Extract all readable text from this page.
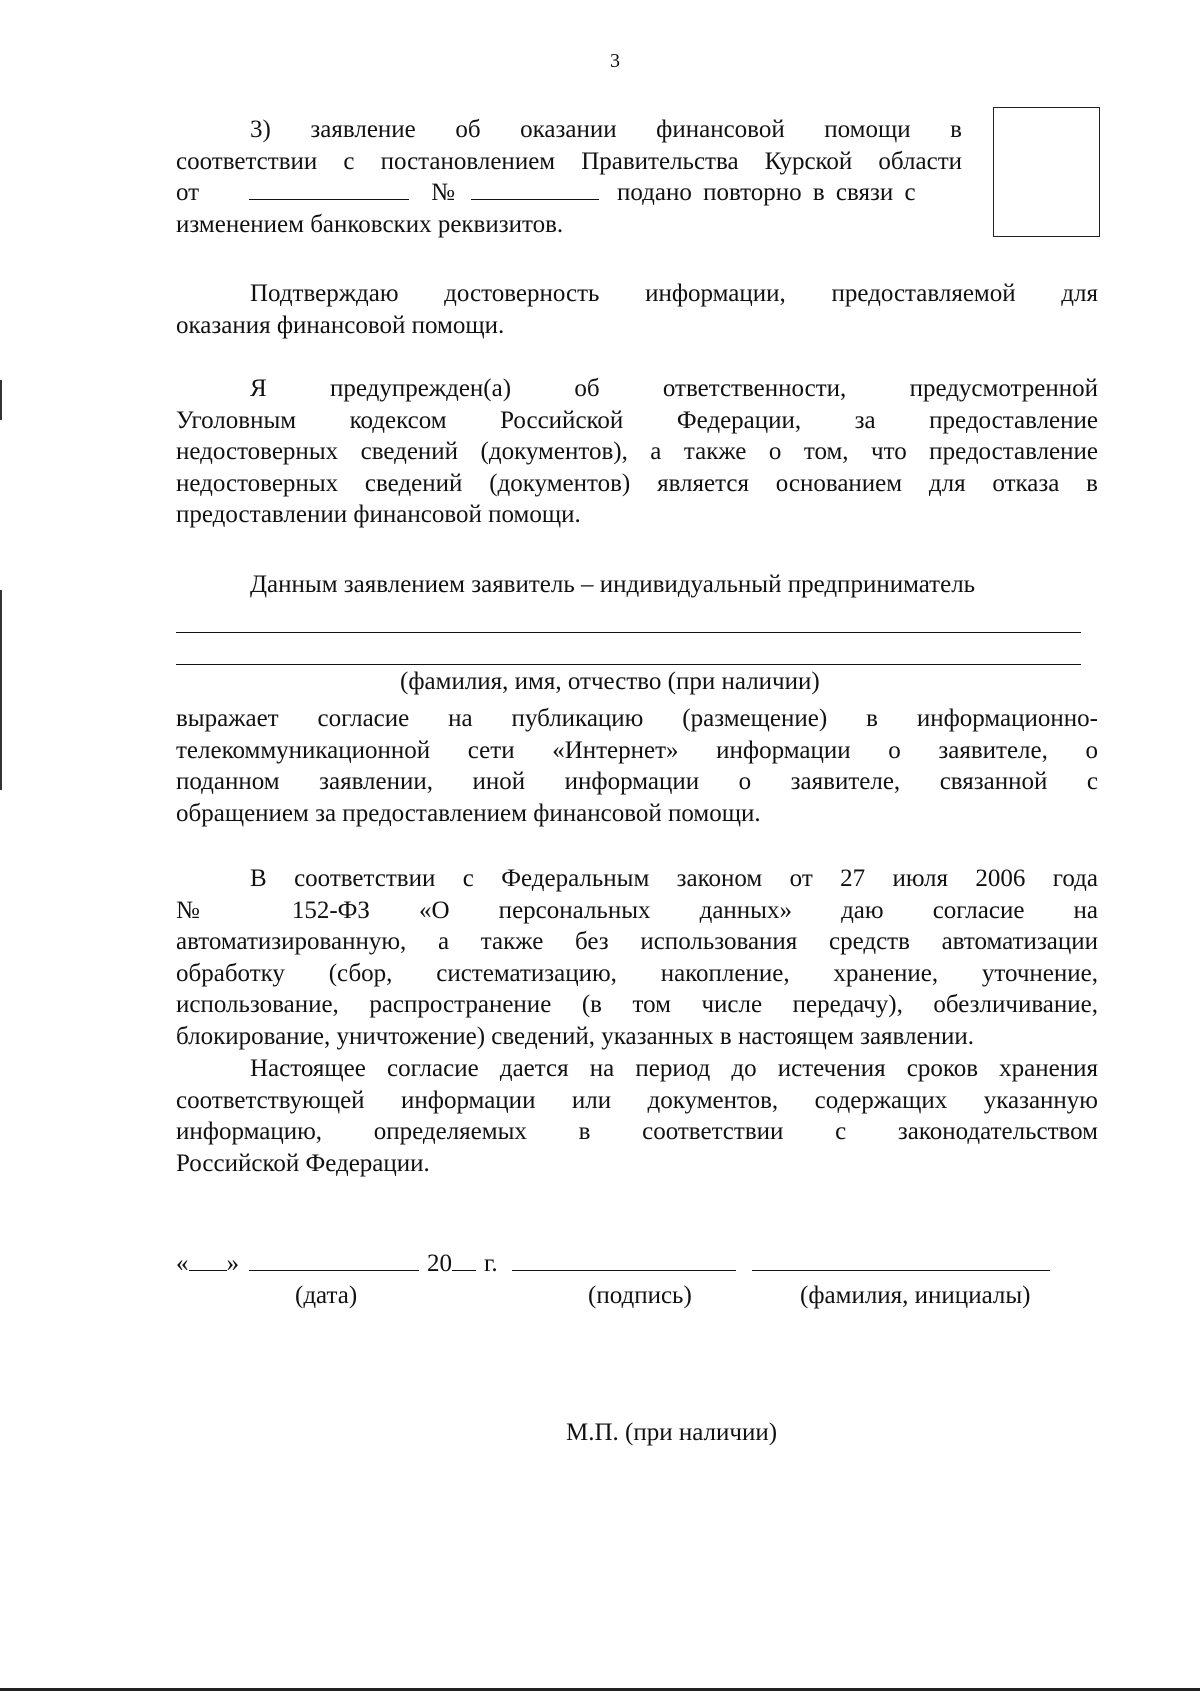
3
3) заявление об оказании финансовой помощи в
соответствии с постановлением Правительства Курской области
от	№	подано повторно в связи с
изменением банковских реквизитов.
Подтверждаю достоверность информации, предоставляемой для
оказания финансовой помощи.
Я предупрежден(а) об ответственности, предусмотренной
Уголовным кодексом Российской Федерации, за предоставление
недостоверных сведений (документов), а также о том, что предоставление
недостоверных сведений (документов) является основанием для отказа в
предоставлении финансовой помощи.
Данным заявлением заявитель – индивидуальный предприниматель
(фамилия, имя, отчество (при наличии)
выражает согласие на публикацию (размещение) в информационно-
телекоммуникационной сети «Интернет» информации о заявителе, о
поданном заявлении, иной информации о заявителе, связанной с
обращением за предоставлением финансовой помощи.
В соответствии с Федеральным законом от 27 июля 2006 года
№ 152-ФЗ «О персональных данных» даю согласие на
автоматизированную, а также без использования средств автоматизации
обработку (сбор, систематизацию, накопление, хранение, уточнение,
использование, распространение (в том числе передачу), обезличивание,
блокирование, уничтожение) сведений, указанных в настоящем заявлении.
Настоящее согласие дается на период до истечения сроков хранения
соответствующей информации или документов, содержащих указанную
информацию, определяемых в соответствии с законодательством
Российской Федерации.
« »	20 г.
(дата)	(подпись)	(фамилия, инициалы)
М.П. (при наличии)
